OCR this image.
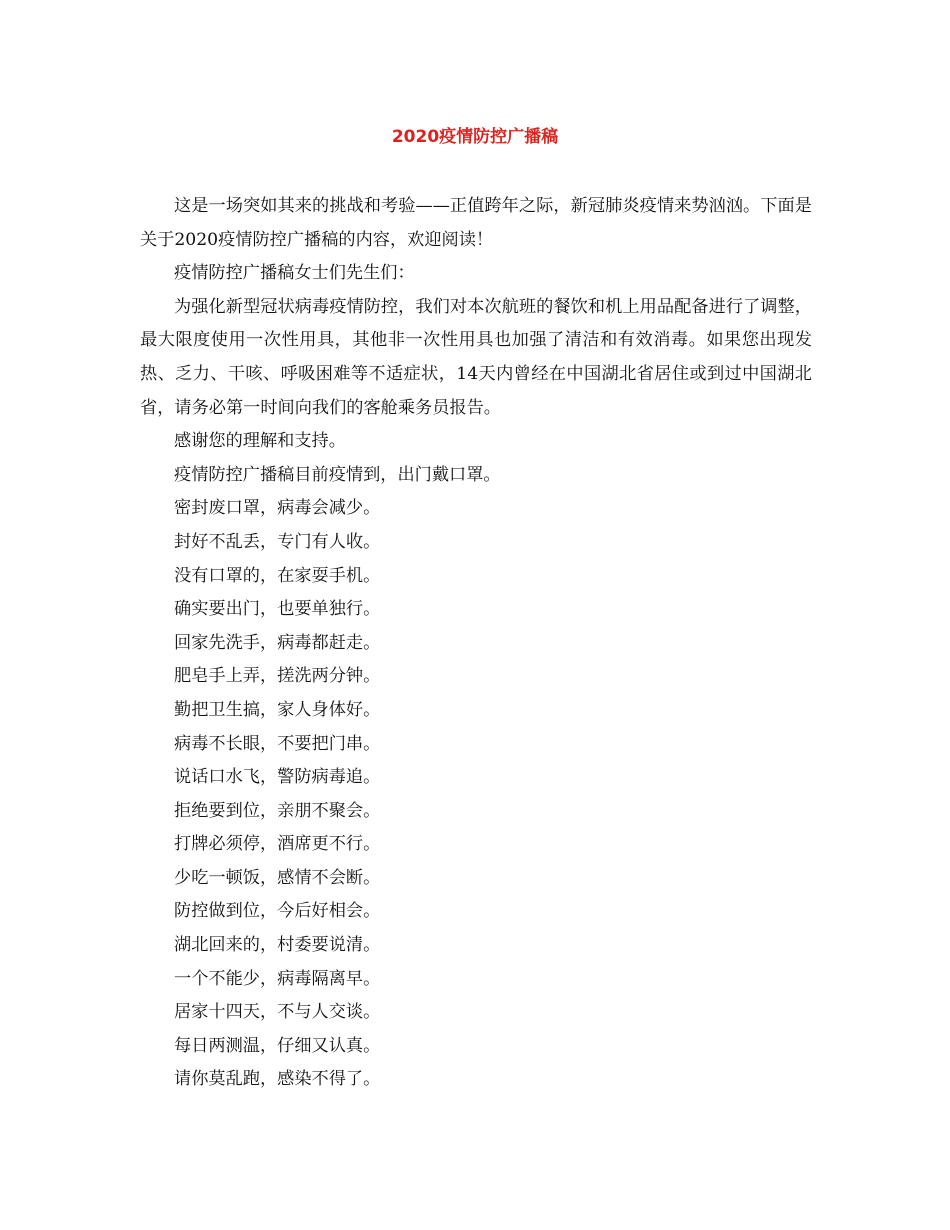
2020疫情防控广播稿

这是一场突如其来的挑战和考验——正值跨年之际，新冠肺炎疫情来势汹汹。下面是关于2020疫情防控广播稿的内容，欢迎阅读！

疫情防控广播稿女士们先生们：

为强化新型冠状病毒疫情防控，我们对本次航班的餐饮和机上用品配备进行了调整，最大限度使用一次性用具，其他非一次性用具也加强了清洁和有效消毒。如果您出现发热、乏力、干咳、呼吸困难等不适症状，14天内曾经在中国湖北省居住或到过中国湖北省，请务必第一时间向我们的客舱乘务员报告。

感谢您的理解和支持。

疫情防控广播稿目前疫情到，出门戴口罩。

密封废口罩，病毒会减少。

封好不乱丢，专门有人收。

没有口罩的，在家耍手机。

确实要出门，也要单独行。

回家先洗手，病毒都赶走。

肥皂手上弄，搓洗两分钟。

勤把卫生搞，家人身体好。

病毒不长眼，不要把门串。

说话口水飞，警防病毒追。

拒绝要到位，亲朋不聚会。

打牌必须停，酒席更不行。

少吃一顿饭，感情不会断。

防控做到位，今后好相会。

湖北回来的，村委要说清。

一个不能少，病毒隔离早。

居家十四天，不与人交谈。

每日两测温，仔细又认真。

请你莫乱跑，感染不得了。
